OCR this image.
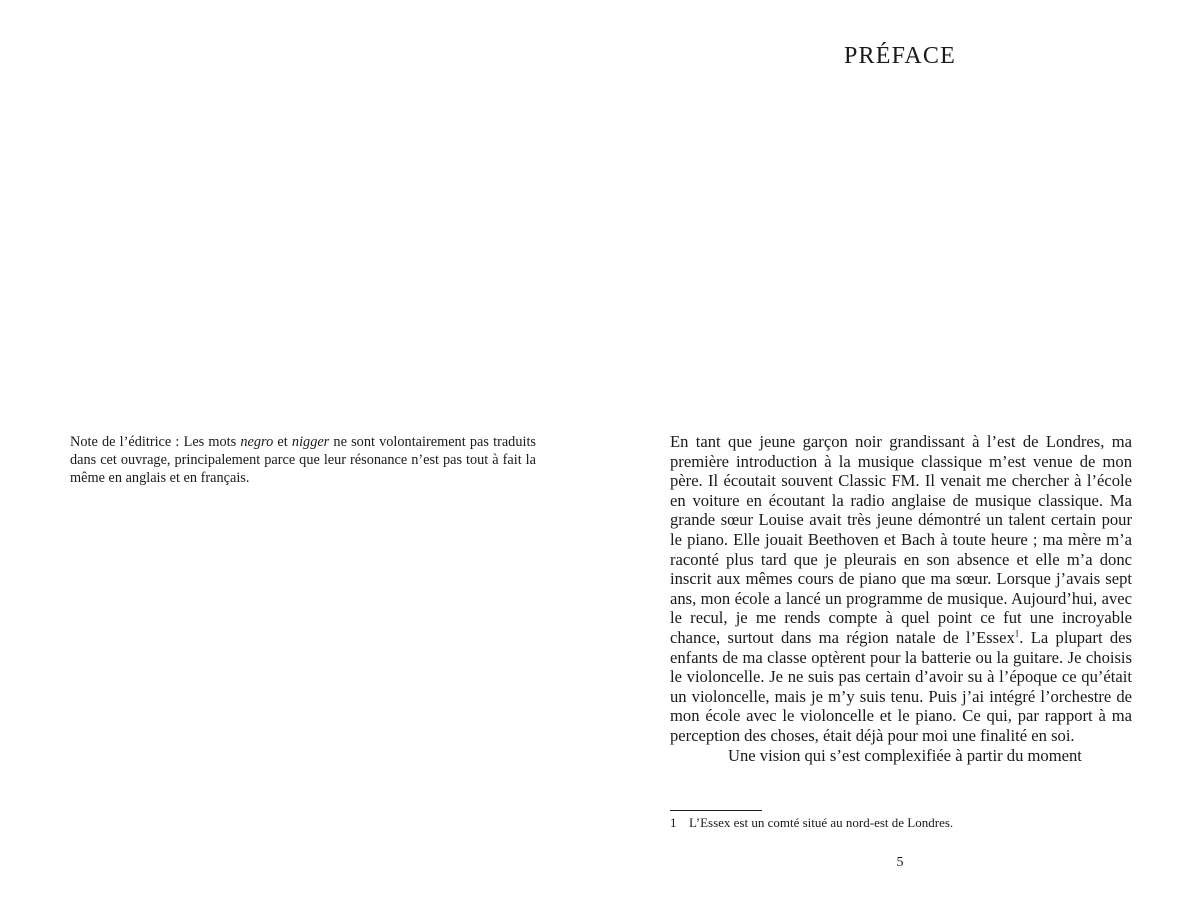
Note de l’éditrice : Les mots negro et nigger ne sont volontairement pas traduits dans cet ouvrage, principalement parce que leur résonance n’est pas tout à fait la même en anglais et en français.

PRÉFACE

En tant que jeune garçon noir grandissant à l’est de Londres, ma première introduction à la musique classique m’est venue de mon père. Il écoutait souvent Classic FM. Il venait me chercher à l’école en voiture en écoutant la radio anglaise de musique classique. Ma grande sœur Louise avait très jeune démontré un talent certain pour le piano. Elle jouait Beethoven et Bach à toute heure ; ma mère m’a raconté plus tard que je pleurais en son absence et elle m’a donc inscrit aux mêmes cours de piano que ma sœur. Lorsque j’avais sept ans, mon école a lancé un programme de musique. Aujourd’hui, avec le recul, je me rends compte à quel point ce fut une incroyable chance, surtout dans ma région natale de l’Essex$^1$. La plupart des enfants de ma classe optèrent pour la batterie ou la guitare. Je choisis le violoncelle. Je ne suis pas certain d’avoir su à l’époque ce qu’était un violoncelle, mais je m’y suis tenu. Puis j’ai intégré l’orchestre de mon école avec le violoncelle et le piano. Ce qui, par rapport à ma perception des choses, était déjà pour moi une finalité en soi.

Une vision qui s’est complexifiée à partir du moment

1 L’Essex est un comté situé au nord-est de Londres.

5
